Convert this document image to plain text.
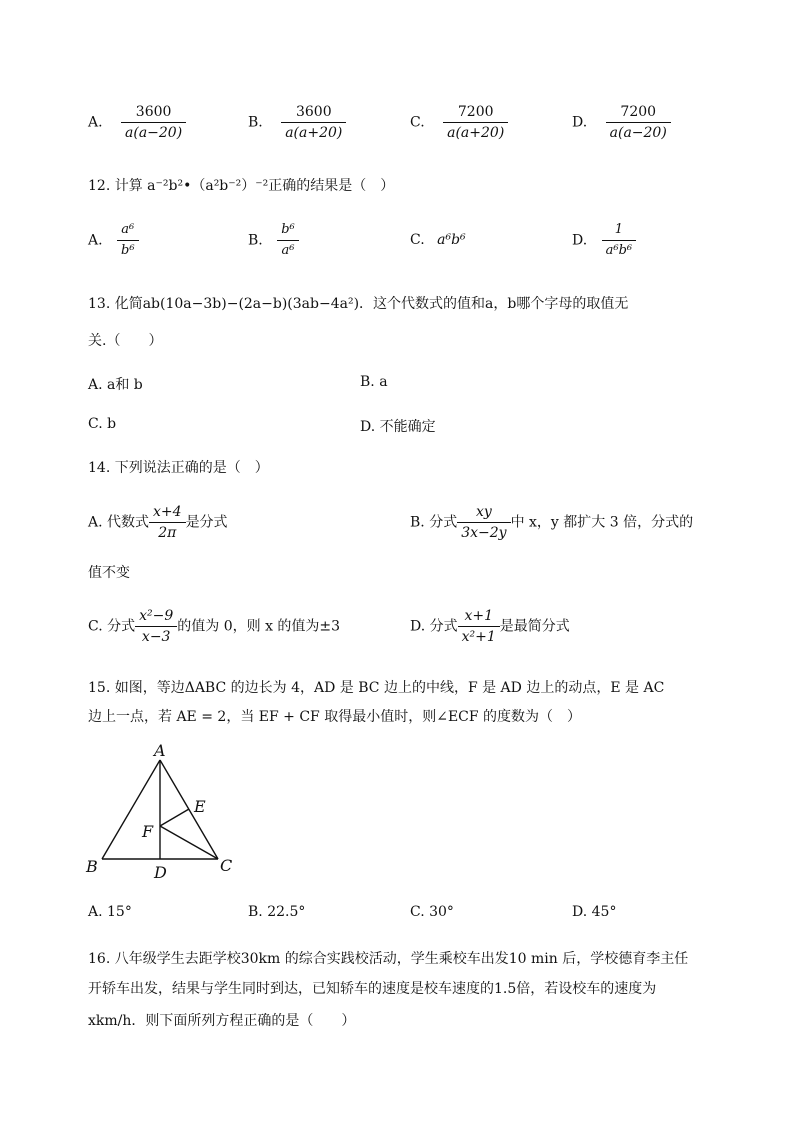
A. $\frac{3600}{a(a-20)}$	B. $\frac{3600}{a(a+20)}$	C. $\frac{7200}{a(a+20)}$	D. $\frac{7200}{a(a-20)}$
12. 计算 a⁻²b²•（a²b⁻²）⁻²正确的结果是（　）
A. $\frac{\text{a⁶}}{\text{b⁶}}$	B. $\frac{\text{b⁶}}{\text{a⁶}}$	C. a⁶b⁶	D. $\frac{1}{\text{a⁶b⁶}}$
13. 化简ab(10a−3b)−(2a−b)(3ab−4a²)．这个代数式的值和a，b哪个字母的取值无
关.（　　）
A. a和 b	B. a
C. b	D. 不能确定
14. 下列说法正确的是（　）
A. 代数式 $\frac{x+4}{2\pi}$ 是分式	B. 分式 $\frac{xy}{3x-2y}$ 中 x，y 都扩大 3 倍，分式的
值不变
C. 分式 $\frac{\text{x²−9}}{x-3}$ 的值为 0，则 x 的值为±3	D. 分式 $\frac{x+1}{\text{x²+1}}$ 是最简分式
15. 如图，等边ΔABC 的边长为 4，AD 是 BC 边上的中线，F 是 AD 边上的动点，E 是 AC
边上一点，若 AE = 2，当 EF + CF 取得最小值时，则∠ECF 的度数为（　）
A
B	C
D
E
F
A. 15°	B. 22.5°	C. 30°	D. 45°
16. 八年级学生去距学校30km 的综合实践校活动，学生乘校车出发10 min 后，学校德育李主任
开轿车出发，结果与学生同时到达，已知轿车的速度是校车速度的1.5倍，若设校车的速度为
xkm/h．则下面所列方程正确的是（　　）
